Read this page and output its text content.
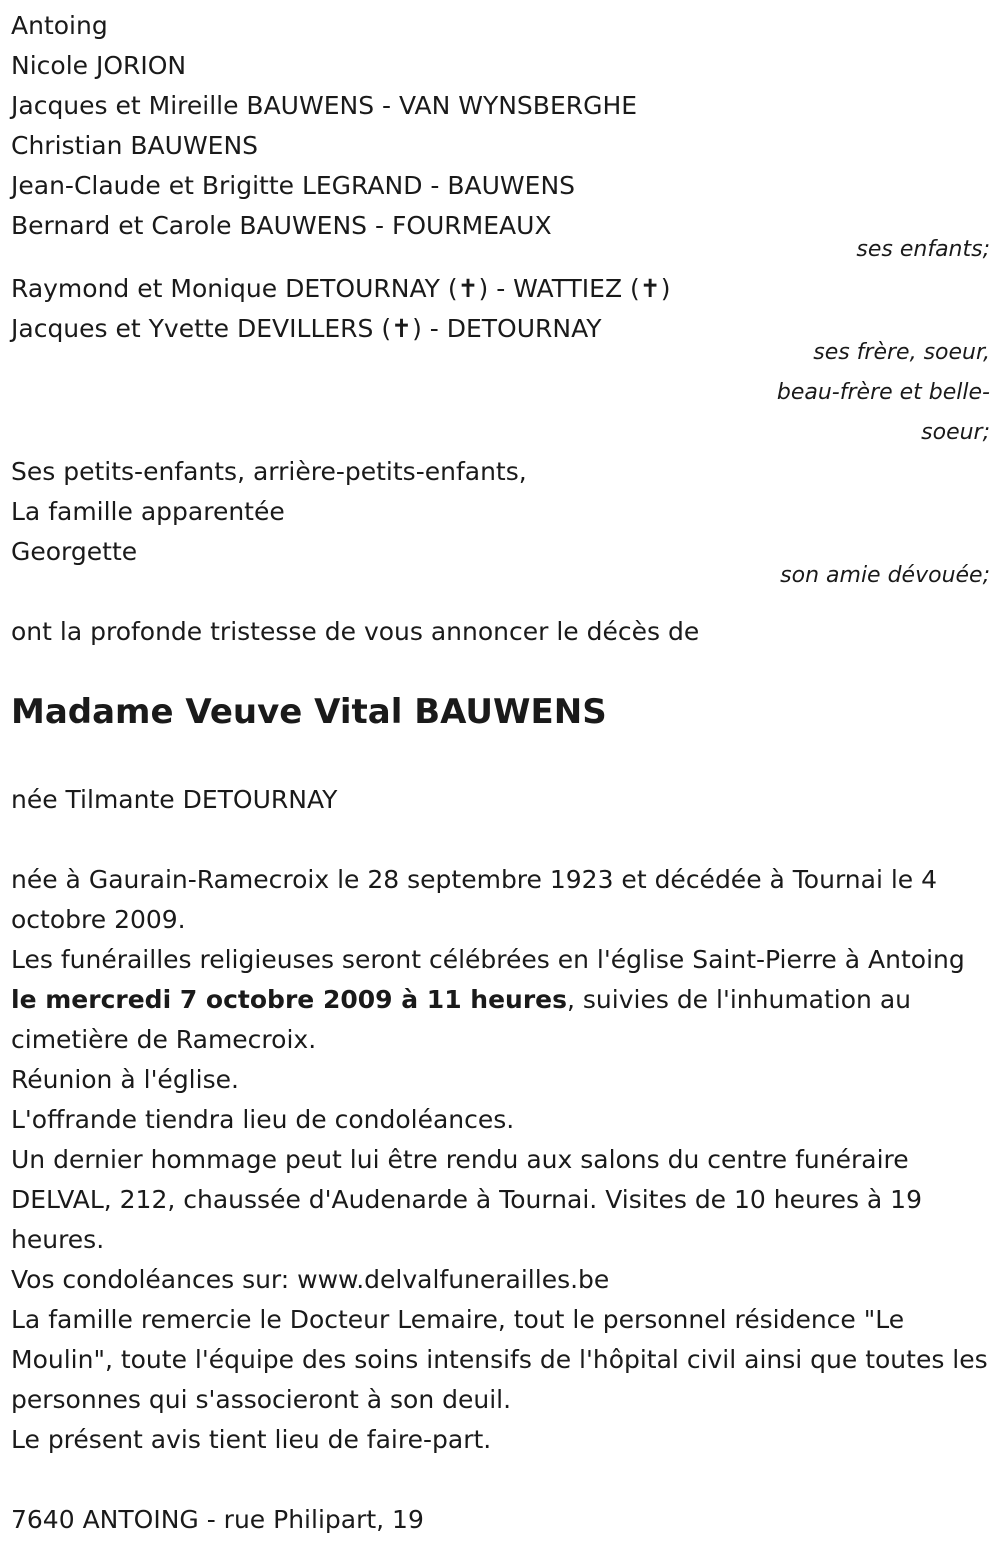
Antoing
Nicole JORION
Jacques et Mireille BAUWENS - VAN WYNSBERGHE
Christian BAUWENS
Jean-Claude et Brigitte LEGRAND - BAUWENS
Bernard et Carole BAUWENS - FOURMEAUX
ses enfants;
Raymond et Monique DETOURNAY (✝) - WATTIEZ (✝)
Jacques et Yvette DEVILLERS (✝) - DETOURNAY
ses frère, soeur,
beau-frère et belle-
soeur;
Ses petits-enfants, arrière-petits-enfants,
La famille apparentée
Georgette
son amie dévouée;
ont la profonde tristesse de vous annoncer le décès de
Madame Veuve Vital BAUWENS
née Tilmante DETOURNAY

née à Gaurain-Ramecroix le 28 septembre 1923 et décédée à Tournai le 4 octobre 2009.

Les funérailles religieuses seront célébrées en l'église Saint-Pierre à Antoing le mercredi 7 octobre 2009 à 11 heures, suivies de l'inhumation au cimetière de Ramecroix.

Réunion à l'église.

L'offrande tiendra lieu de condoléances.

Un dernier hommage peut lui être rendu aux salons du centre funéraire DELVAL, 212, chaussée d'Audenarde à Tournai. Visites de 10 heures à 19 heures.

Vos condoléances sur: www.delvalfunerailles.be

La famille remercie le Docteur Lemaire, tout le personnel résidence "Le Moulin", toute l'équipe des soins intensifs de l'hôpital civil ainsi que toutes les personnes qui s'associeront à son deuil.

Le présent avis tient lieu de faire-part.

7640 ANTOING - rue Philipart, 19
